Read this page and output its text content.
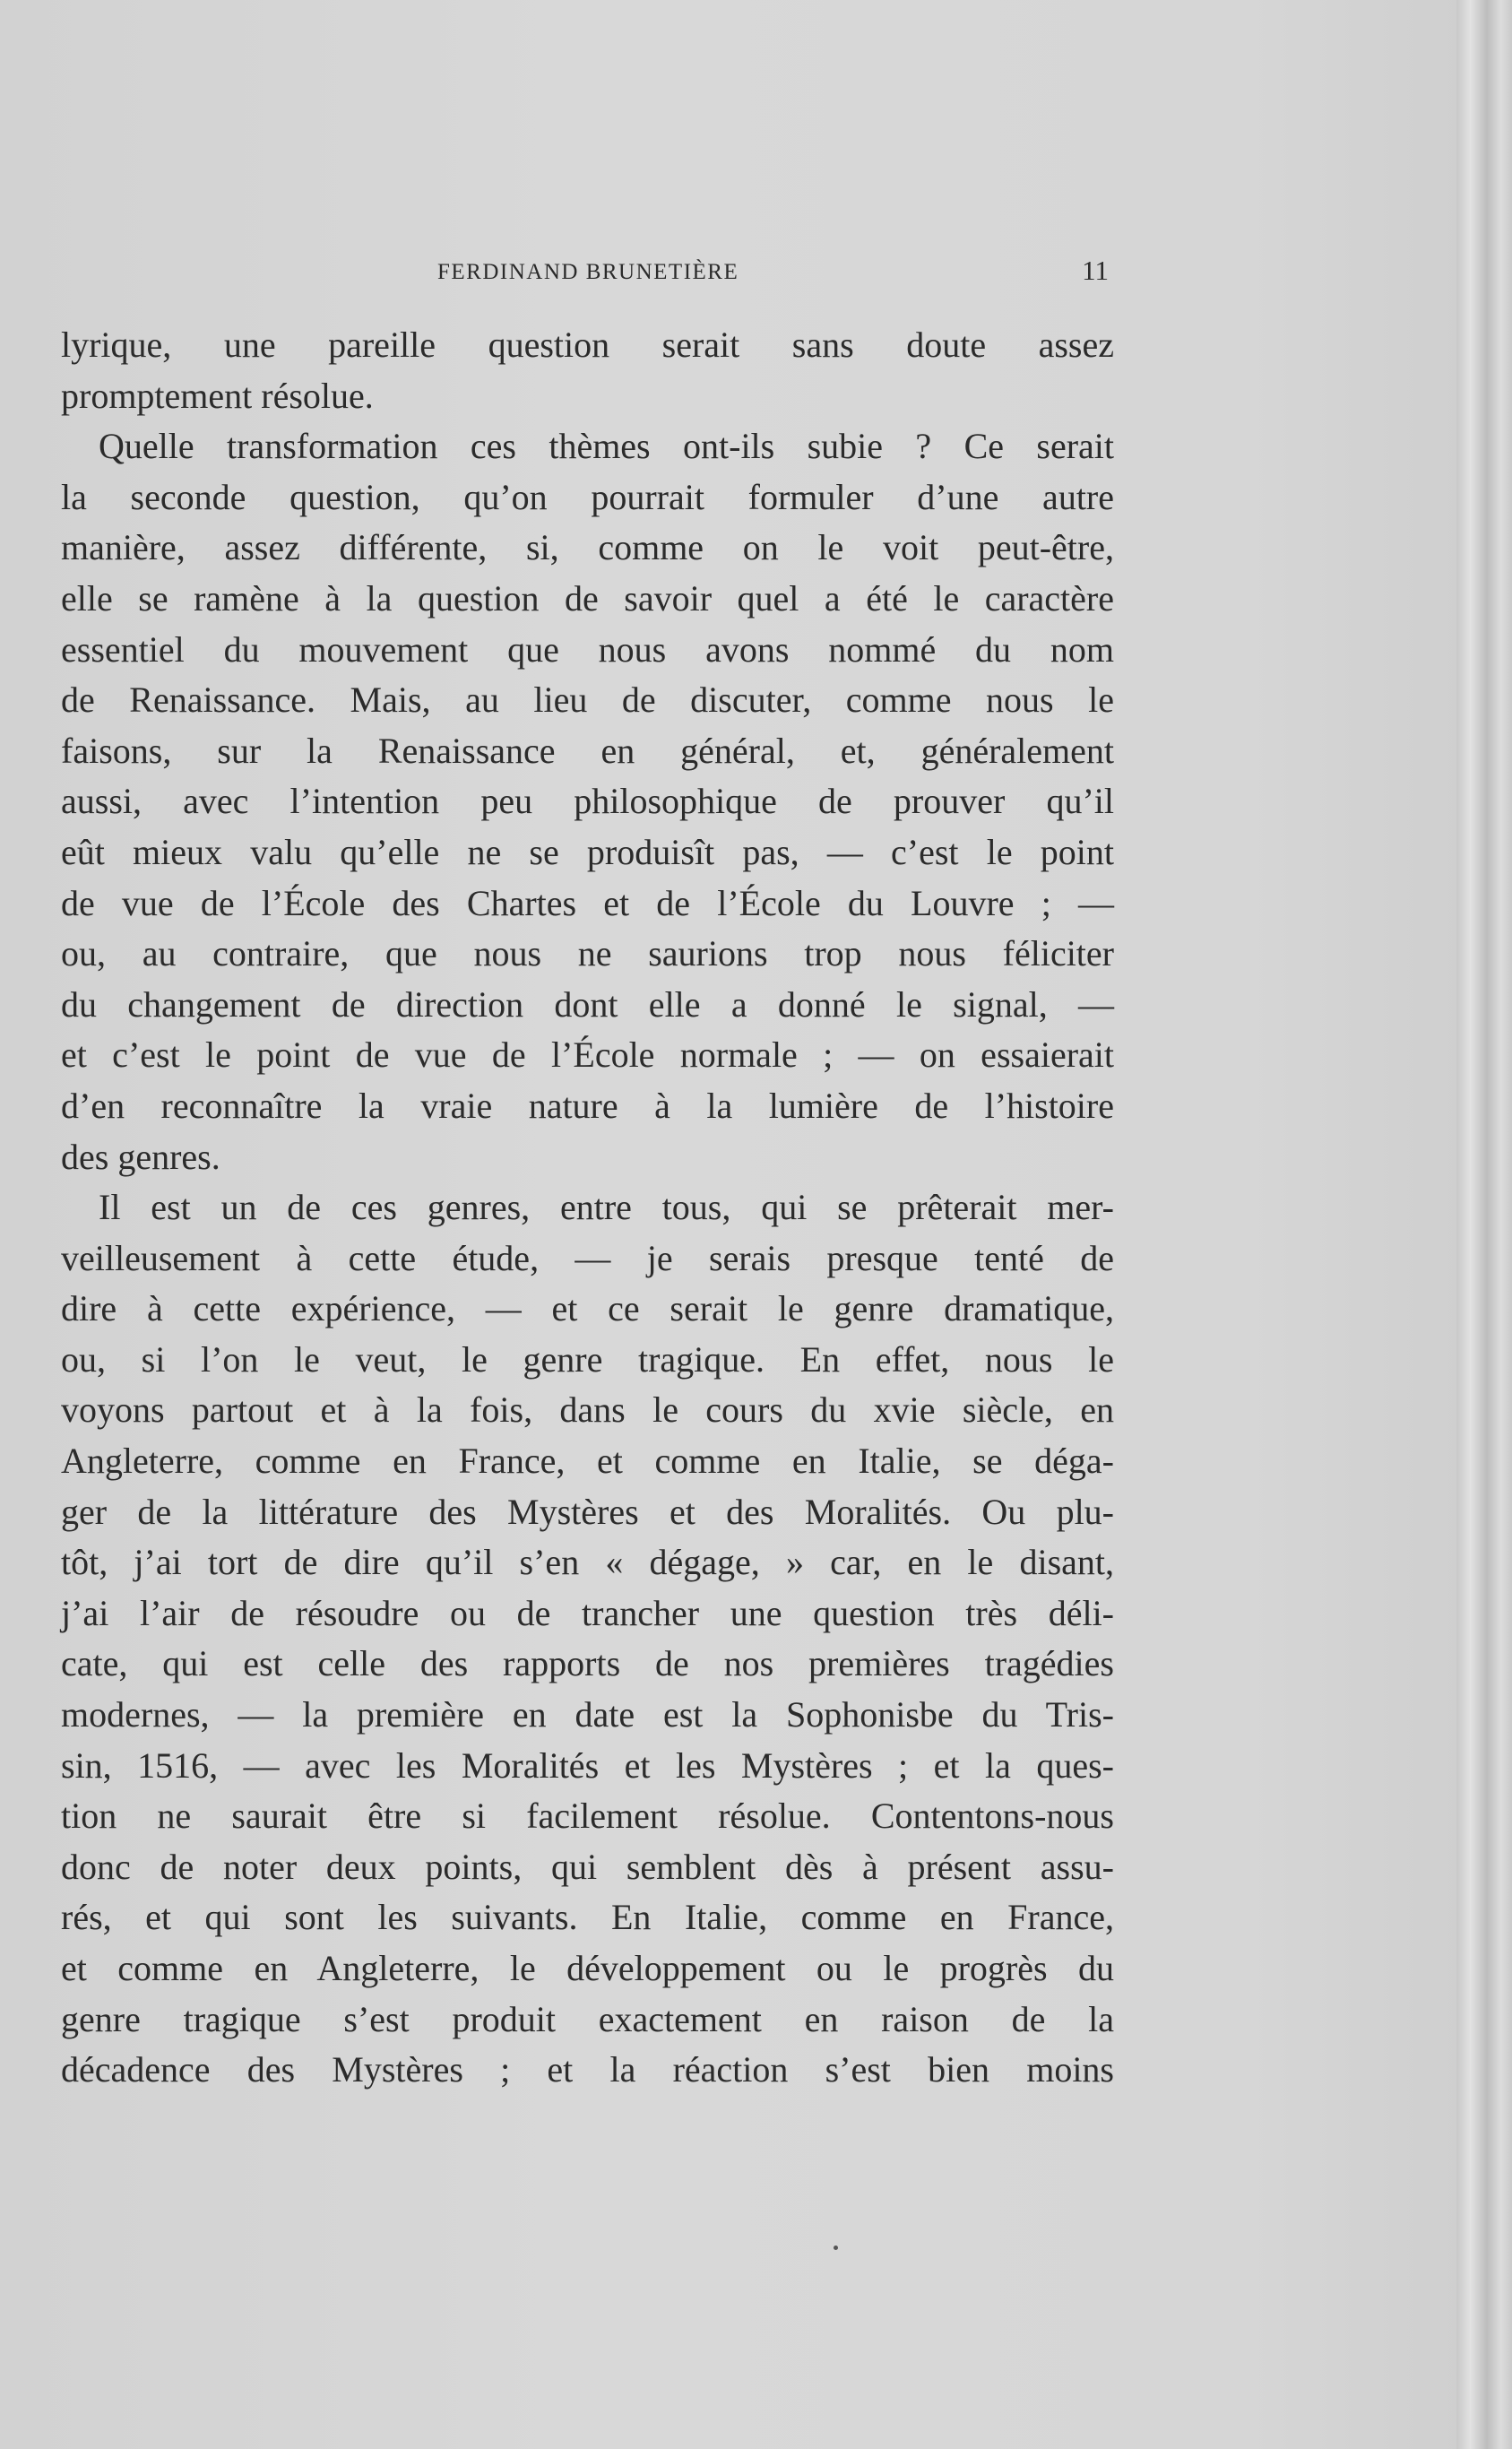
FERDINAND BRUNETIÈRE	11
lyrique, une pareille question serait sans doute assez
promptement résolue.
Quelle transformation ces thèmes ont-ils subie ? Ce serait
la seconde question, qu’on pourrait formuler d’une autre
manière, assez différente, si, comme on le voit peut-être,
elle se ramène à la question de savoir quel a été le caractère
essentiel du mouvement que nous avons nommé du nom
de Renaissance. Mais, au lieu de discuter, comme nous le
faisons, sur la Renaissance en général, et, généralement
aussi, avec l’intention peu philosophique de prouver qu’il
eût mieux valu qu’elle ne se produisît pas, — c’est le point
de vue de l’École des Chartes et de l’École du Louvre ; —
ou, au contraire, que nous ne saurions trop nous féliciter
du changement de direction dont elle a donné le signal, —
et c’est le point de vue de l’École normale ; — on essaierait
d’en reconnaître la vraie nature à la lumière de l’histoire
des genres.
Il est un de ces genres, entre tous, qui se prêterait mer-
veilleusement à cette étude, — je serais presque tenté de
dire à cette expérience, — et ce serait le genre dramatique,
ou, si l’on le veut, le genre tragique. En effet, nous le
voyons partout et à la fois, dans le cours du xvie siècle, en
Angleterre, comme en France, et comme en Italie, se déga-
ger de la littérature des Mystères et des Moralités. Ou plu-
tôt, j’ai tort de dire qu’il s’en « dégage, » car, en le disant,
j’ai l’air de résoudre ou de trancher une question très déli-
cate, qui est celle des rapports de nos premières tragédies
modernes, — la première en date est la Sophonisbe du Tris-
sin, 1516, — avec les Moralités et les Mystères ; et la ques-
tion ne saurait être si facilement résolue. Contentons-nous
donc de noter deux points, qui semblent dès à présent assu-
rés, et qui sont les suivants. En Italie, comme en France,
et comme en Angleterre, le développement ou le progrès du
genre tragique s’est produit exactement en raison de la
décadence des Mystères ; et la réaction s’est bien moins
